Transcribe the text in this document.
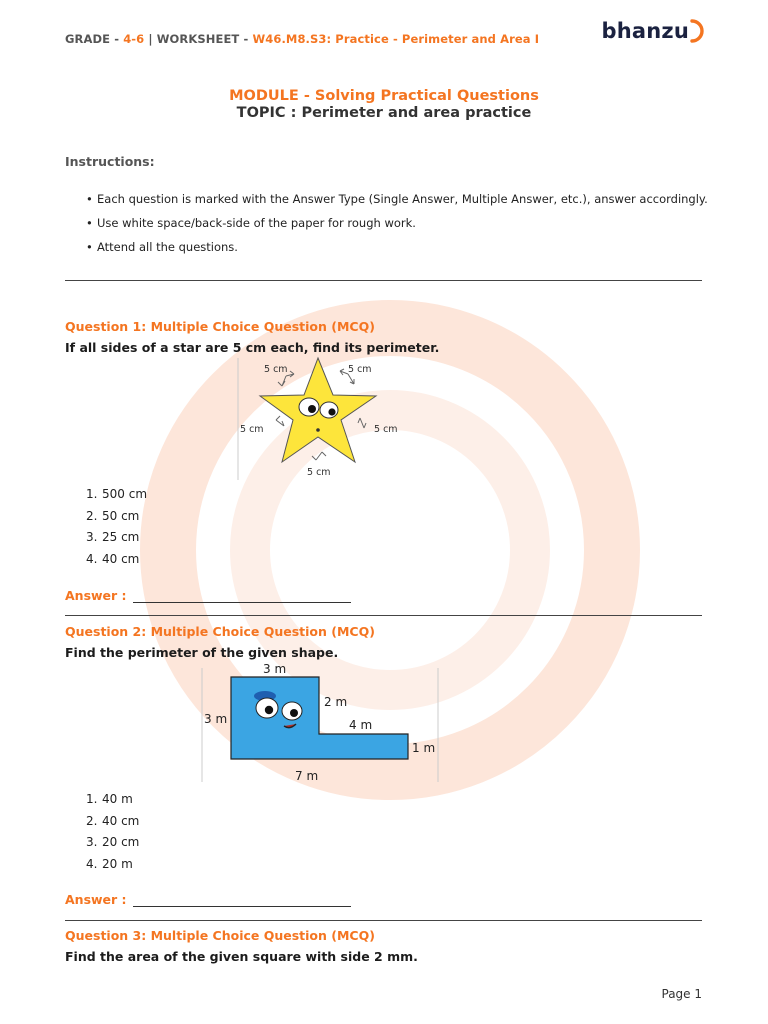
GRADE - 4-6 | WORKSHEET - W46.M8.S3: Practice - Perimeter and Area I	bhanzu
MODULE - Solving Practical Questions
TOPIC : Perimeter and area practice
Instructions:
• Each question is marked with the Answer Type (Single Answer, Multiple Answer, etc.), answer accordingly.
• Use white space/back-side of the paper for rough work.
• Attend all the questions.
Question 1: Multiple Choice Question (MCQ)
If all sides of a star are 5 cm each, find its perimeter.
5 cm	5 cm
5 cm	5 cm
5 cm
1. 500 cm
2. 50 cm
3. 25 cm
4. 40 cm
Answer :
Question 2: Multiple Choice Question (MCQ)
Find the perimeter of the given shape.
3 m
3 m
2 m
4 m
1 m
7 m
1. 40 m
2. 40 cm
3. 20 cm
4. 20 m
Answer :
Question 3: Multiple Choice Question (MCQ)
Find the area of the given square with side 2 mm.
Page 1
